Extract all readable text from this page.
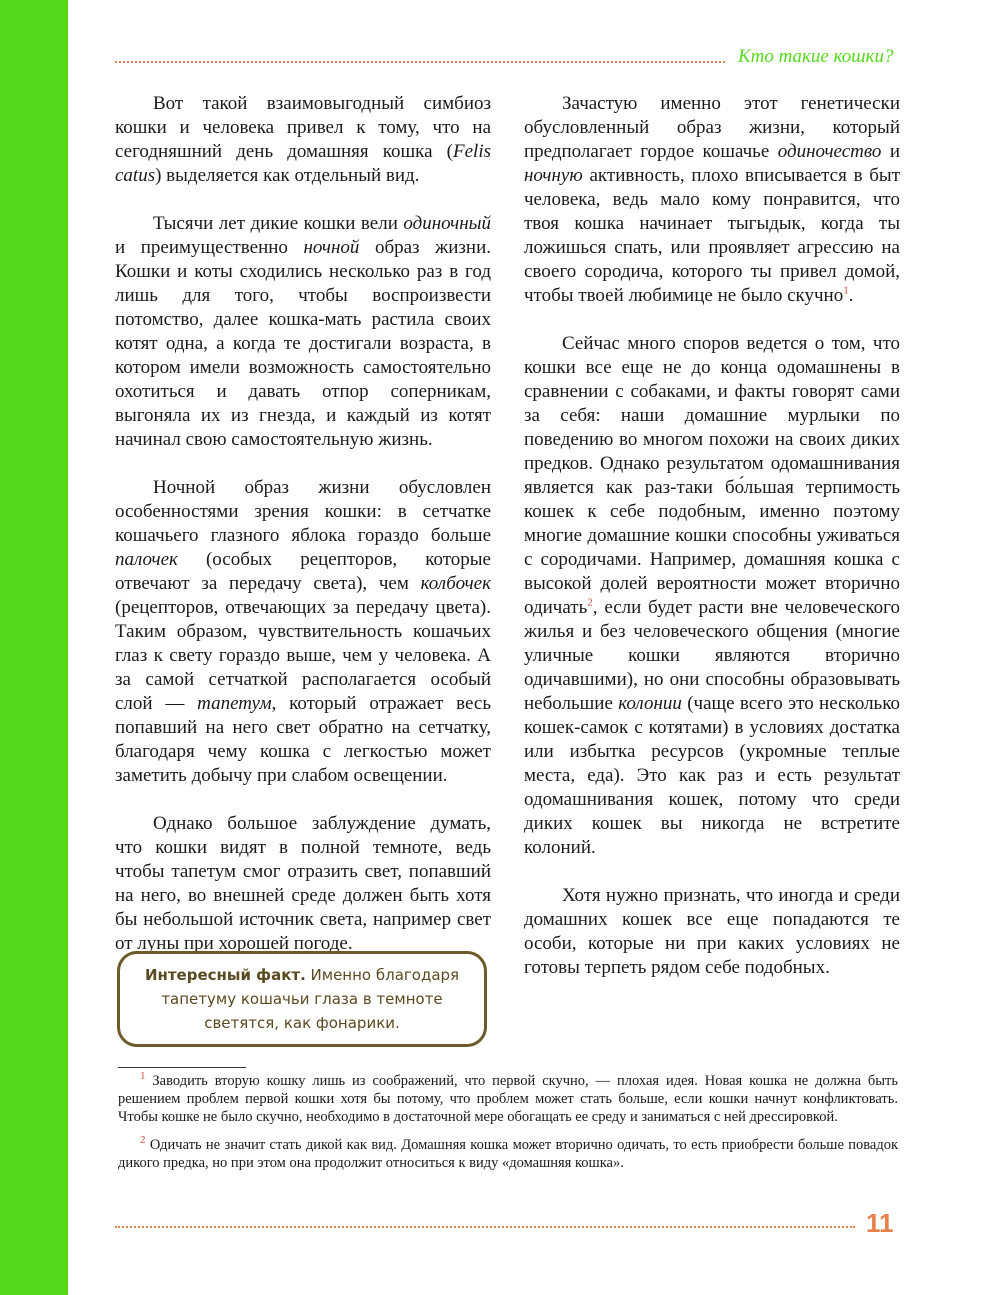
Кто такие кошки?

Вот такой взаимовыгодный симбиоз кошки и человека привел к тому, что на сегодняшний день домашняя кошка (Felis catus) выделяется как отдельный вид.

Тысячи лет дикие кошки вели одиночный и преимущественно ночной образ жизни. Кошки и коты сходились несколько раз в год лишь для того, чтобы воспроизвести потомство, далее кошка-мать растила своих котят одна, а когда те достигали возраста, в котором имели возможность самостоятельно охотиться и давать отпор соперникам, выгоняла их из гнезда, и каждый из котят начинал свою самостоятельную жизнь.

Ночной образ жизни обусловлен особенностями зрения кошки: в сетчатке кошачьего глазного яблока гораздо больше палочек (особых рецепторов, которые отвечают за передачу света), чем колбочек (рецепторов, отвечающих за передачу цвета). Таким образом, чувствительность кошачьих глаз к свету гораздо выше, чем у человека. А за самой сетчаткой располагается особый слой — тапетум, который отражает весь попавший на него свет обратно на сетчатку, благодаря чему кошка с легкостью может заметить добычу при слабом освещении.

Однако большое заблуждение думать, что кошки видят в полной темноте, ведь чтобы тапетум смог отразить свет, попавший на него, во внешней среде должен быть хотя бы небольшой источник света, например свет от луны при хорошей погоде.

Интересный факт. Именно благодаря тапетуму кошачьи глаза в темноте светятся, как фонарики.

Зачастую именно этот генетически обусловленный образ жизни, который предполагает гордое кошачье одиночество и ночную активность, плохо вписывается в быт человека, ведь мало кому понравится, что твоя кошка начинает тыгыдык, когда ты ложишься спать, или проявляет агрессию на своего сородича, которого ты привел домой, чтобы твоей любимице не было скучно$^1$.

Сейчас много споров ведется о том, что кошки все еще не до конца одомашнены в сравнении с собаками, и факты говорят сами за себя: наши домашние мурлыки по поведению во многом похожи на своих диких предков. Однако результатом одомашнивания является как раз-таки бо́льшая терпимость кошек к себе подобным, именно поэтому многие домашние кошки способны уживаться с сородичами. Например, домашняя кошка с высокой долей вероятности может вторично одичать$^2$, если будет расти вне человеческого жилья и без человеческого общения (многие уличные кошки являются вторично одичавшими), но они способны образовывать небольшие колонии (чаще всего это несколько кошек-самок с котятами) в условиях достатка или избытка ресурсов (укромные теплые места, еда). Это как раз и есть результат одомашнивания кошек, потому что среди диких кошек вы никогда не встретите колоний.

Хотя нужно признать, что иногда и среди домашних кошек все еще попадаются те особи, которые ни при каких условиях не готовы терпеть рядом себе подобных.

$^1$ Заводить вторую кошку лишь из соображений, что первой скучно, — плохая идея. Новая кошка не должна быть решением проблем первой кошки хотя бы потому, что проблем может стать больше, если кошки начнут конфликтовать. Чтобы кошке не было скучно, необходимо в достаточной мере обогащать ее среду и заниматься с ней дрессировкой.

$^2$ Одичать не значит стать дикой как вид. Домашняя кошка может вторично одичать, то есть приобрести больше повадок дикого предка, но при этом она продолжит относиться к виду «домашняя кошка».

11
